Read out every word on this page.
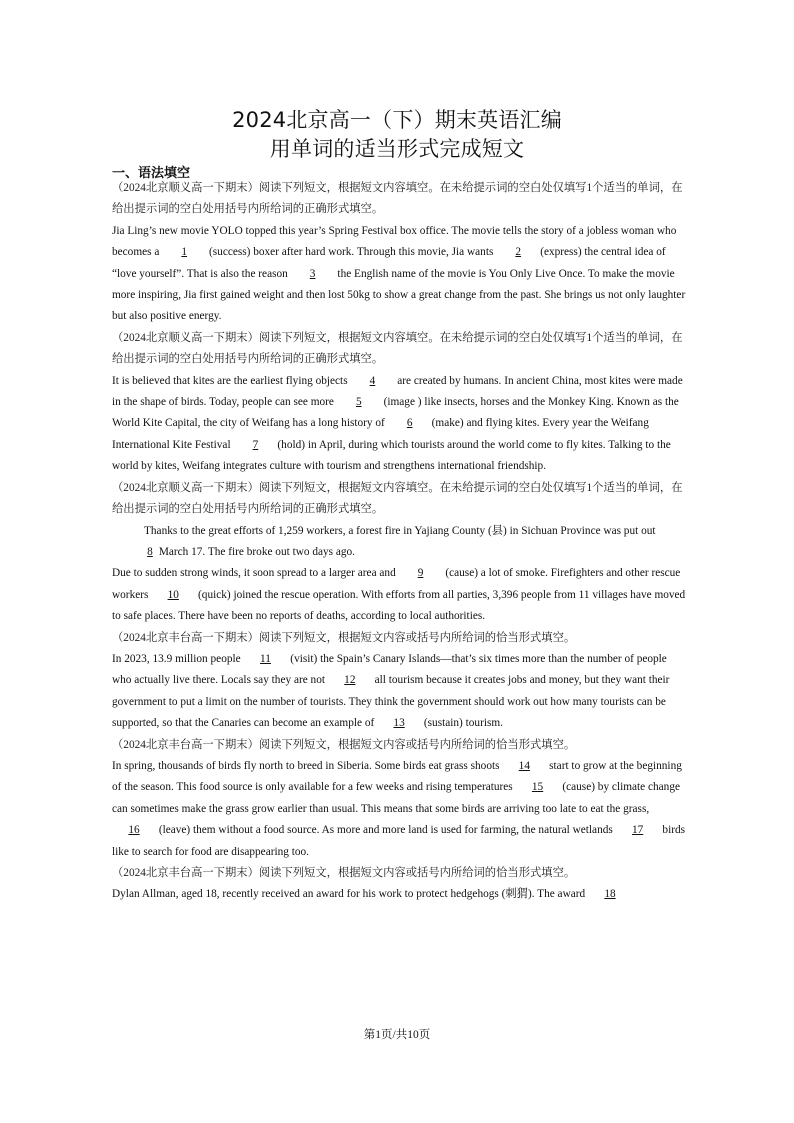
2024北京高一（下）期末英语汇编
用单词的适当形式完成短文
一、语法填空

（2024北京顺义高一下期末）阅读下列短文，根据短文内容填空。在未给提示词的空白处仅填写1个适当的单词，在给出提示词的空白处用括号内所给词的正确形式填空。

Jia Ling’s new movie YOLO topped this year’s Spring Festival box office. The movie tells the story of a jobless woman who becomes a 1 (success) boxer after hard work. Through this movie, Jia wants 2 (express) the central idea of “love yourself”. That is also the reason 3 the English name of the movie is You Only Live Once. To make the movie more inspiring, Jia first gained weight and then lost 50kg to show a great change from the past. She brings us not only laughter but also positive energy.

（2024北京顺义高一下期末）阅读下列短文，根据短文内容填空。在未给提示词的空白处仅填写1个适当的单词，在给出提示词的空白处用括号内所给词的正确形式填空。

It is believed that kites are the earliest flying objects 4 are created by humans. In ancient China, most kites were made in the shape of birds. Today, people can see more 5 (image ) like insects, horses and the Monkey King. Known as the World Kite Capital, the city of Weifang has a long history of 6 (make) and flying kites. Every year the Weifang International Kite Festival 7 (hold) in April, during which tourists around the world come to fly kites. Talking to the world by kites, Weifang integrates culture with tourism and strengthens international friendship.

（2024北京顺义高一下期末）阅读下列短文，根据短文内容填空。在未给提示词的空白处仅填写1个适当的单词，在给出提示词的空白处用括号内所给词的正确形式填空。

Thanks to the great efforts of 1,259 workers, a forest fire in Yajiang County (县) in Sichuan Province was put out 8 March 17. The fire broke out two days ago.

Due to sudden strong winds, it soon spread to a larger area and 9 (cause) a lot of smoke. Firefighters and other rescue workers 10 (quick) joined the rescue operation. With efforts from all parties, 3,396 people from 11 villages have moved to safe places. There have been no reports of deaths, according to local authorities.

（2024北京丰台高一下期末）阅读下列短文，根据短文内容或括号内所给词的恰当形式填空。

In 2023, 13.9 million people 11 (visit) the Spain’s Canary Islands—that’s six times more than the number of people who actually live there. Locals say they are not 12 all tourism because it creates jobs and money, but they want their government to put a limit on the number of tourists. They think the government should work out how many tourists can be supported, so that the Canaries can become an example of 13 (sustain) tourism.

（2024北京丰台高一下期末）阅读下列短文，根据短文内容或括号内所给词的恰当形式填空。

In spring, thousands of birds fly north to breed in Siberia. Some birds eat grass shoots 14 start to grow at the beginning of the season. This food source is only available for a few weeks and rising temperatures 15 (cause) by climate change can sometimes make the grass grow earlier than usual. This means that some birds are arriving too late to eat the grass, 16 (leave) them without a food source. As more and more land is used for farming, the natural wetlands 17 birds like to search for food are disappearing too.

（2024北京丰台高一下期末）阅读下列短文，根据短文内容或括号内所给词的恰当形式填空。

Dylan Allman, aged 18, recently received an award for his work to protect hedgehogs (刺猬). The award 18

第1页/共10页
